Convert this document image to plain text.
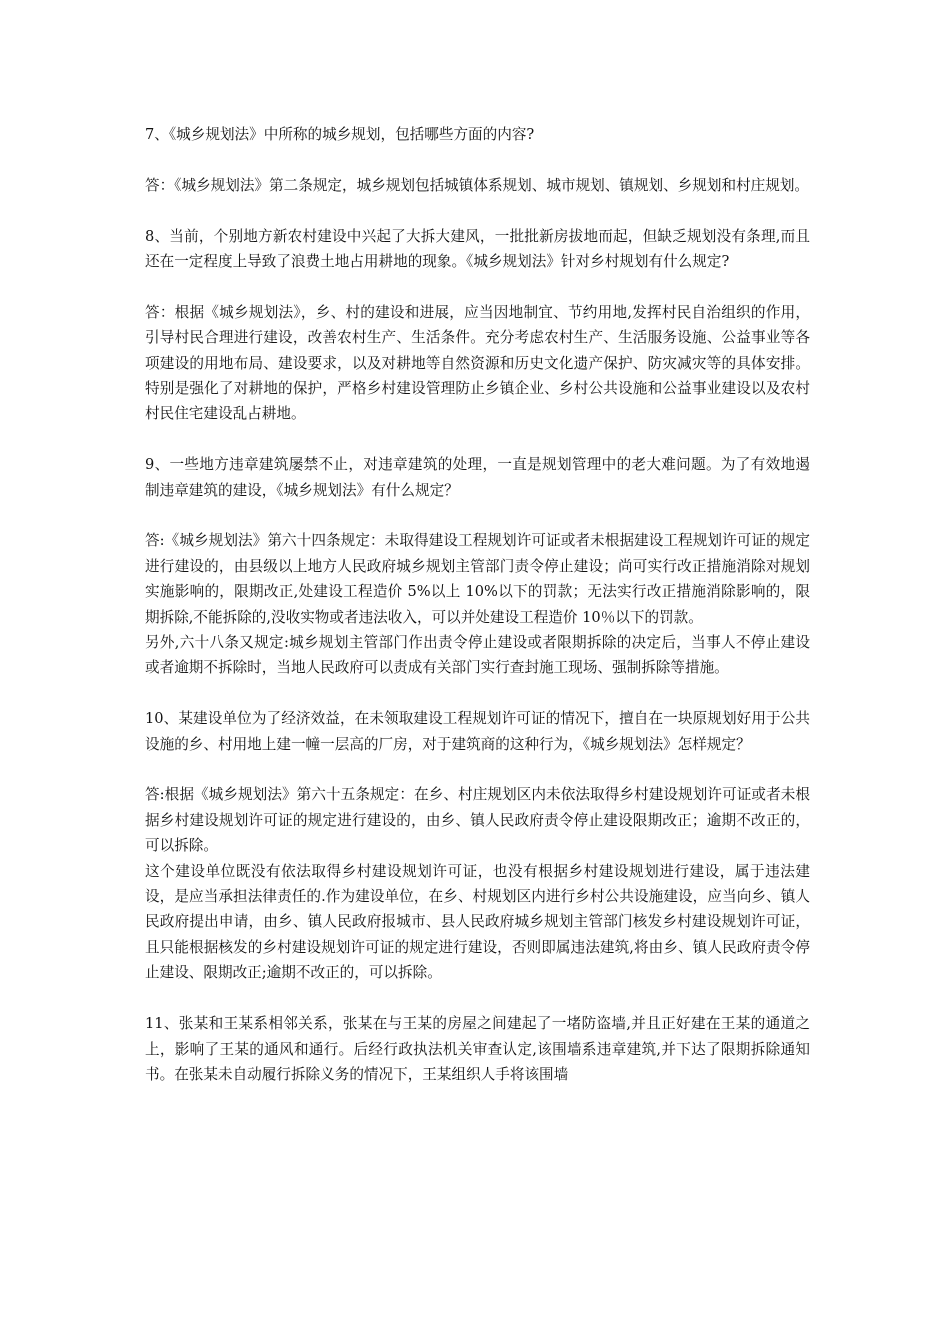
7、《城乡规划法》中所称的城乡规划，包括哪些方面的内容?

答：《城乡规划法》第二条规定，城乡规划包括城镇体系规划、城市规划、镇规划、乡规划和村庄规划。

8、当前，个别地方新农村建设中兴起了大拆大建风，一批批新房拔地而起，但缺乏规划没有条理,而且还在一定程度上导致了浪费土地占用耕地的现象。《城乡规划法》针对乡村规划有什么规定?

答：根据《城乡规划法》，乡、村的建设和进展，应当因地制宜、节约用地,发挥村民自治组织的作用，引导村民合理进行建设，改善农村生产、生活条件。充分考虑农村生产、生活服务设施、公益事业等各项建设的用地布局、建设要求，以及对耕地等自然资源和历史文化遗产保护、防灾减灾等的具体安排。特别是强化了对耕地的保护，严格乡村建设管理防止乡镇企业、乡村公共设施和公益事业建设以及农村村民住宅建设乱占耕地。

9、一些地方违章建筑屡禁不止，对违章建筑的处理，一直是规划管理中的老大难问题。为了有效地遏制违章建筑的建设，《城乡规划法》有什么规定？

答:《城乡规划法》第六十四条规定：未取得建设工程规划许可证或者未根据建设工程规划许可证的规定进行建设的，由县级以上地方人民政府城乡规划主管部门责令停止建设；尚可实行改正措施消除对规划实施影响的，限期改正,处建设工程造价 5%以上 10%以下的罚款；无法实行改正措施消除影响的，限期拆除,不能拆除的,没收实物或者违法收入，可以并处建设工程造价 10％以下的罚款。

另外,六十八条又规定:城乡规划主管部门作出责令停止建设或者限期拆除的决定后，当事人不停止建设或者逾期不拆除时，当地人民政府可以责成有关部门实行查封施工现场、强制拆除等措施。

10、某建设单位为了经济效益，在未领取建设工程规划许可证的情况下，擅自在一块原规划好用于公共设施的乡、村用地上建一幢一层高的厂房，对于建筑商的这种行为，《城乡规划法》怎样规定？

答:根据《城乡规划法》第六十五条规定：在乡、村庄规划区内未依法取得乡村建设规划许可证或者未根据乡村建设规划许可证的规定进行建设的，由乡、镇人民政府责令停止建设限期改正；逾期不改正的，可以拆除。

这个建设单位既没有依法取得乡村建设规划许可证，也没有根据乡村建设规划进行建设，属于违法建设，是应当承担法律责任的.作为建设单位，在乡、村规划区内进行乡村公共设施建设，应当向乡、镇人民政府提出申请，由乡、镇人民政府报城市、县人民政府城乡规划主管部门核发乡村建设规划许可证，且只能根据核发的乡村建设规划许可证的规定进行建设，否则即属违法建筑,将由乡、镇人民政府责令停止建设、限期改正;逾期不改正的，可以拆除。

11、张某和王某系相邻关系，张某在与王某的房屋之间建起了一堵防盗墙,并且正好建在王某的通道之上，影响了王某的通风和通行。后经行政执法机关审查认定,该围墙系违章建筑,并下达了限期拆除通知书。在张某未自动履行拆除义务的情况下，王某组织人手将该围墙
